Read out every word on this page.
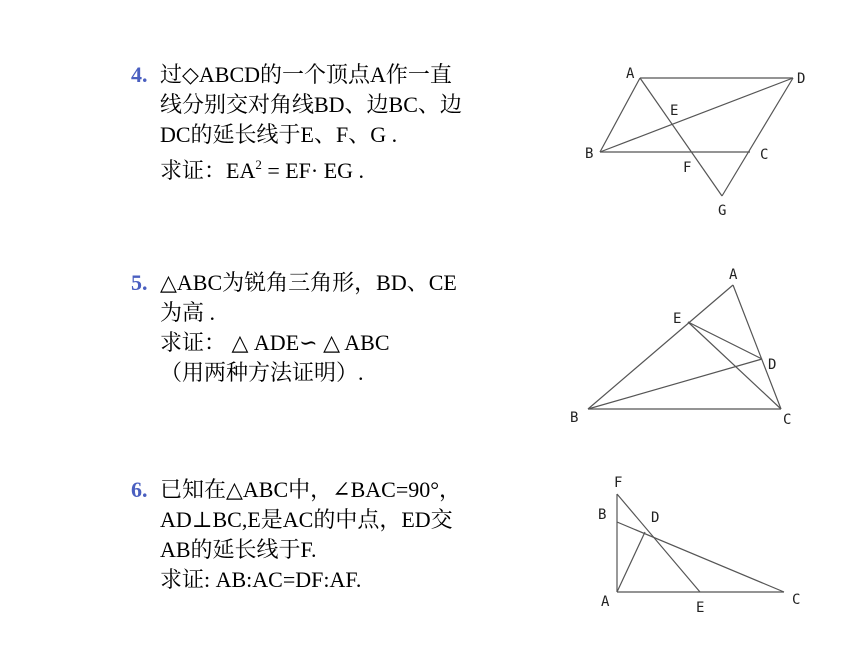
4. 过◇ABCD的一个顶点A作一直
线分别交对角线BD、边BC、边
DC的延长线于E、F、G .
求证：$EA^2 = EF\cdot$ EG .
5. △ABC为锐角三角形，BD、CE
为高 .
求证： △ ADE∽ △ ABC
（用两种方法证明）.
6. 已知在△ABC中，∠BAC=90°，
AD⊥BC,E是AC的中点，ED交
AB的延长线于F.
求证: AB:AC=DF:AF.
A	D
E
B	C
F
G
A
E
D
B	C
F
B	D
A	E	C
